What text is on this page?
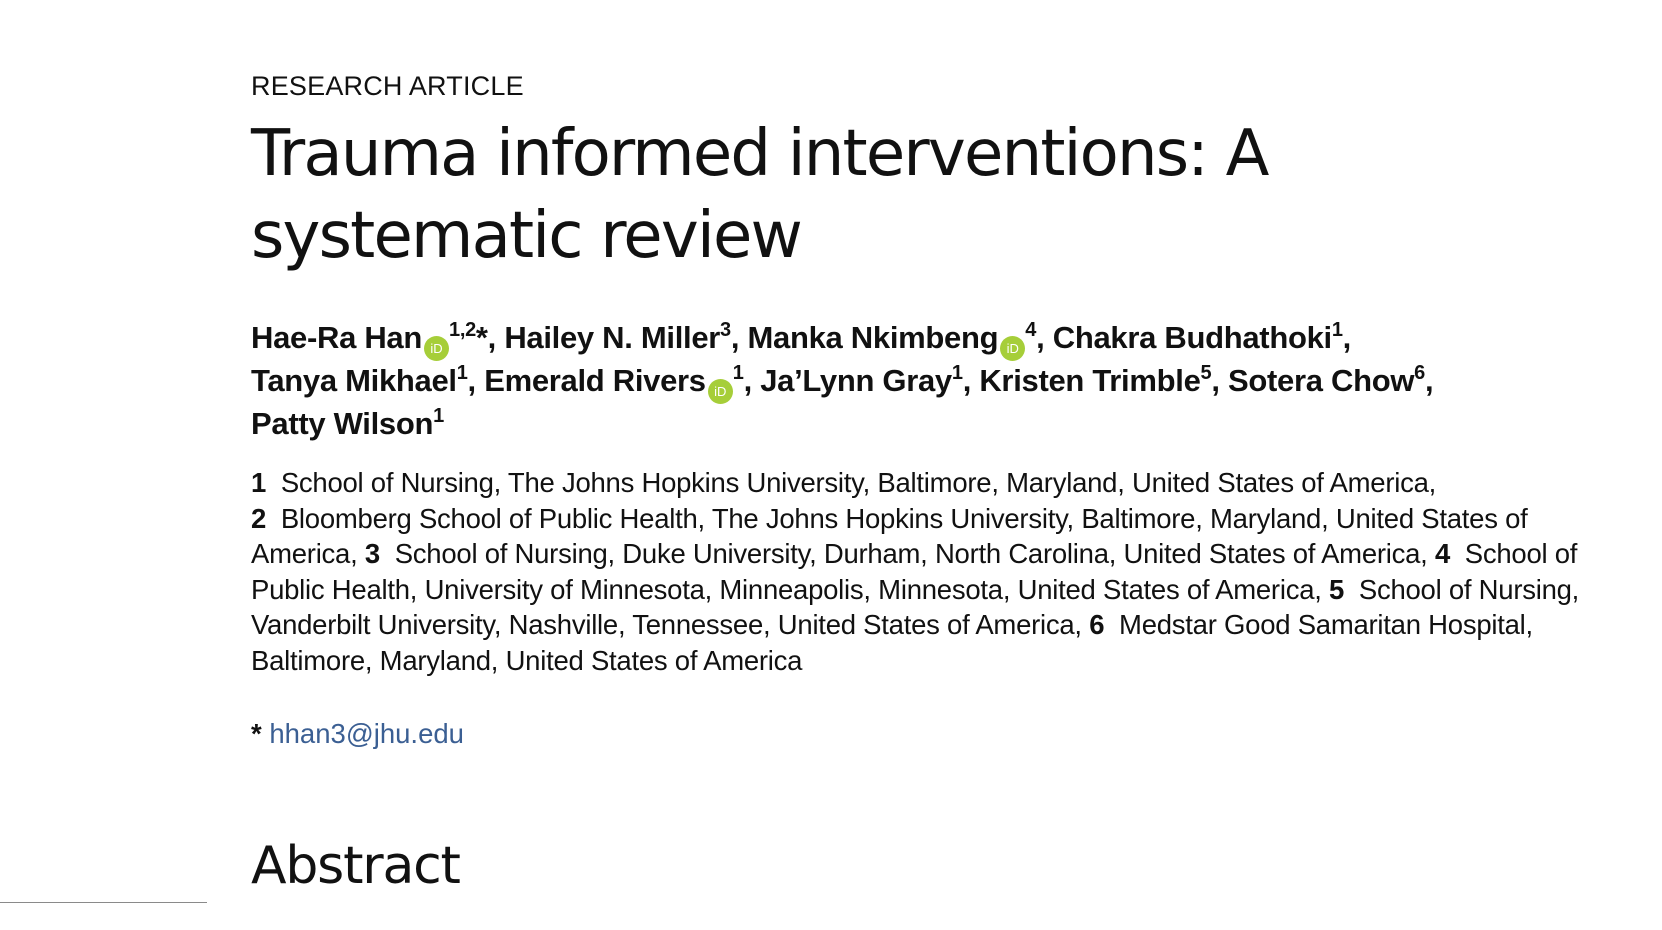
RESEARCH ARTICLE
Trauma informed interventions: A systematic review
Hae-Ra Han iD$^{1,2}$*, Hailey N. Miller$^3$, Manka Nkimbeng $iD^4$, Chakra Budhathoki$^1$,
Tanya Mikhael$^1$, Emerald Rivers $iD^1$, Ja’Lynn Gray$^1$, Kristen Trimble$^5$, Sotera Chow$^6$,
Patty Wilson$^1$
1 School of Nursing, The Johns Hopkins University, Baltimore, Maryland, United States of America,
2 Bloomberg School of Public Health, The Johns Hopkins University, Baltimore, Maryland, United States of America, 3 School of Nursing, Duke University, Durham, North Carolina, United States of America, 4 School of Public Health, University of Minnesota, Minneapolis, Minnesota, United States of America, 5 School of Nursing, Vanderbilt University, Nashville, Tennessee, United States of America, 6 Medstar Good Samaritan Hospital, Baltimore, Maryland, United States of America
* hhan3@jhu.edu
Abstract
